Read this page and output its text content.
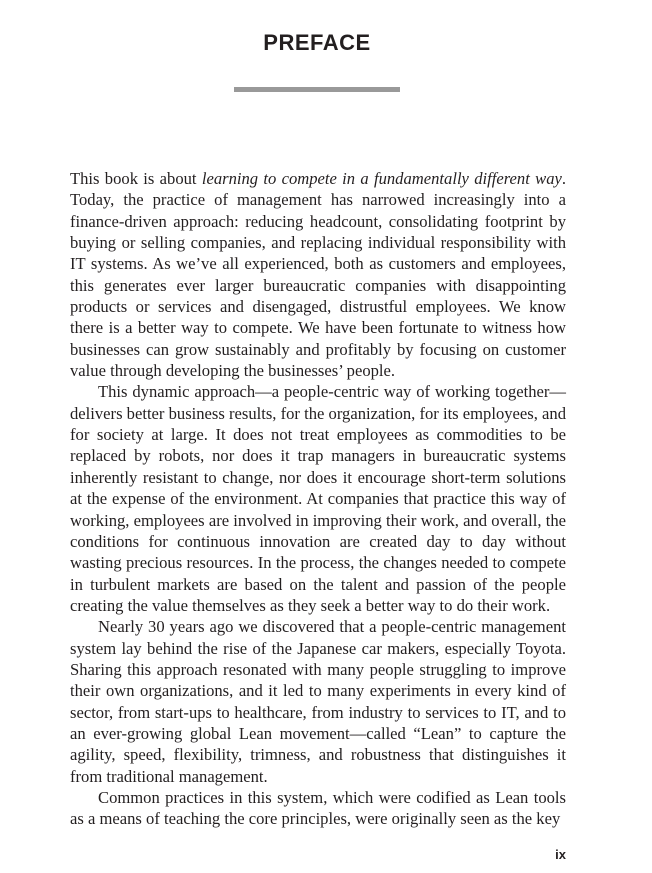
PREFACE

This book is about learning to compete in a fundamentally different way. Today, the practice of management has narrowed increasingly into a finance-driven approach: reducing headcount, consolidating footprint by buying or selling companies, and replacing individual responsibility with IT systems. As we’ve all experienced, both as customers and employees, this generates ever larger bureaucratic companies with disappointing products or services and disengaged, distrustful employees. We know there is a better way to compete. We have been fortunate to witness how businesses can grow sustainably and profitably by focusing on customer value through developing the businesses’ people.

This dynamic approach—a people-centric way of working together—delivers better business results, for the organization, for its employees, and for society at large. It does not treat employees as commodities to be replaced by robots, nor does it trap managers in bureaucratic systems inherently resistant to change, nor does it encourage short-term solutions at the expense of the environment. At companies that practice this way of working, employees are involved in improving their work, and overall, the conditions for continuous innovation are created day to day without wasting precious resources. In the process, the changes needed to compete in turbulent markets are based on the talent and passion of the people creating the value themselves as they seek a better way to do their work.

Nearly 30 years ago we discovered that a people-centric management system lay behind the rise of the Japanese car makers, especially Toyota. Sharing this approach resonated with many people struggling to improve their own organizations, and it led to many experiments in every kind of sector, from start-ups to healthcare, from industry to services to IT, and to an ever-growing global Lean movement—called “Lean” to capture the agility, speed, flexibility, trimness, and robustness that distinguishes it from traditional management.

Common practices in this system, which were codified as Lean tools as a means of teaching the core principles, were originally seen as the key

ix
